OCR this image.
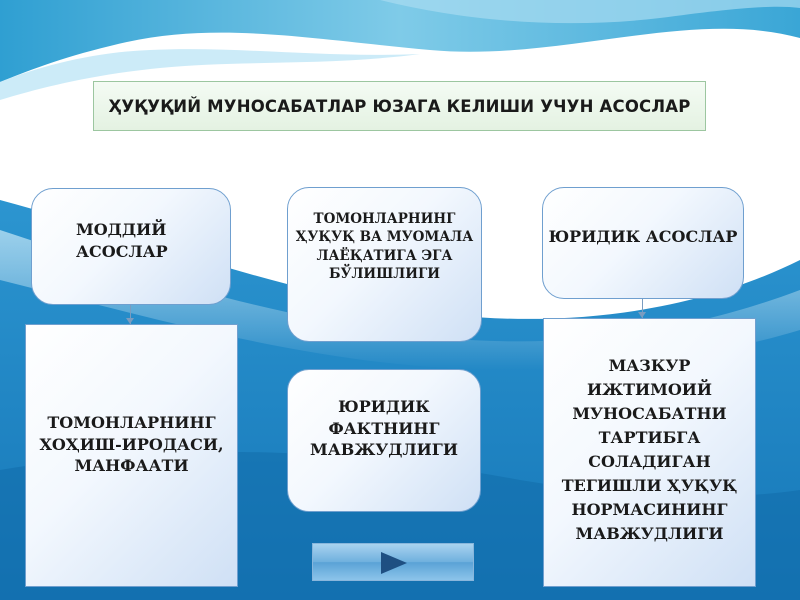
ҲУҚУҚИЙ МУНОСАБАТЛАР ЮЗАГА КЕЛИШИ УЧУН АСОСЛАР
МОДДИЙ АСОСЛАР
ТОМОНЛАРНИНГ ХОҲИШ-ИРОДАСИ, МАНФААТИ
ТОМОНЛАРНИНГ ҲУҚУҚ ВА МУОМАЛА ЛАЁҚАТИГА ЭГА БЎЛИШЛИГИ
ЮРИДИК ФАКТНИНГ МАВЖУДЛИГИ
ЮРИДИК АСОСЛАР
МАЗКУР ИЖТИМОИЙ МУНОСАБАТНИ ТАРТИБГА СОЛАДИГАН ТЕГИШЛИ ҲУҚУҚ НОРМАСИНИНГ МАВЖУДЛИГИ
